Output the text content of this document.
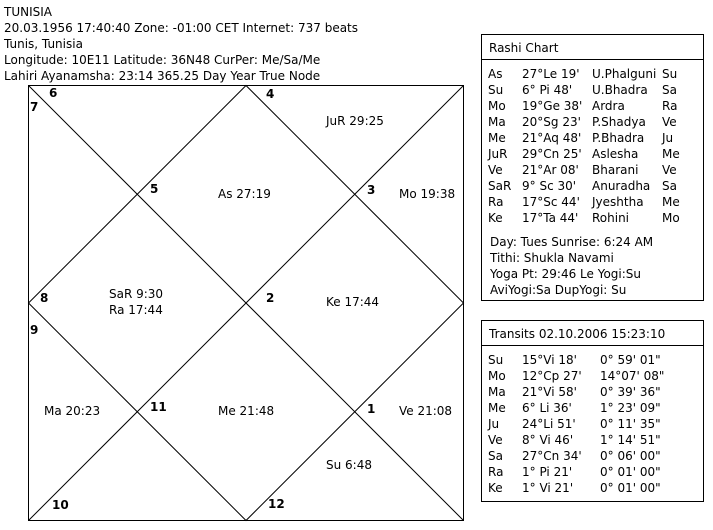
TUNISIA
20.03.1956 17:40:40 Zone: -01:00 CET Internet: 737 beats
Tunis, Tunisia
Longitude: 10E11 Latitude: 36N48 CurPer: Me/Sa/Me
Lahiri Ayanamsha: 23:14 365.25 Day Year True Node
1
2
3
4
5
6
7
8
9
10
11
12
JuR 29:25
As 27:19	Mo 19:38
SaR 9:30
Ra 17:44
Ke 17:44
Ma 20:23	Me 21:48	Ve 21:08
Su 6:48
Rashi Chart
As 27°Le 19' U.Phalguni Su
Su 6° Pi 48' U.Bhadra Sa
Mo 19°Ge 38' Ardra	Ra
Ma 20°Sg 23' P.Shadya Ve
Me 21°Aq 48' P.Bhadra Ju
JuR 29°Cn 25' Aslesha Me
Ve 21°Ar 08' Bharani Ve
SaR 9° Sc 30' Anuradha Sa
Ra 17°Sc 44' Jyeshtha Me
Ke 17°Ta 44' Rohini	Mo
Day: Tues Sunrise: 6:24 AM
Tithi: Shukla Navami
Yoga Pt: 29:46 Le Yogi:Su
AviYogi:Sa DupYogi: Su
Transits 02.10.2006 15:23:10
Su 15°Vi 18' 0° 59' 01"
Mo 12°Cp 27' 14°07' 08"
Ma 21°Vi 58' 0° 39' 36"
Me 6° Li 36' 1° 23' 09"
Ju 24°Li 51' 0° 11' 35"
Ve 8° Vi 46' 1° 14' 51"
Sa 27°Cn 34' 0° 06' 00"
Ra 1° Pi 21' 0° 01' 00"
Ke 1° Vi 21' 0° 01' 00"
